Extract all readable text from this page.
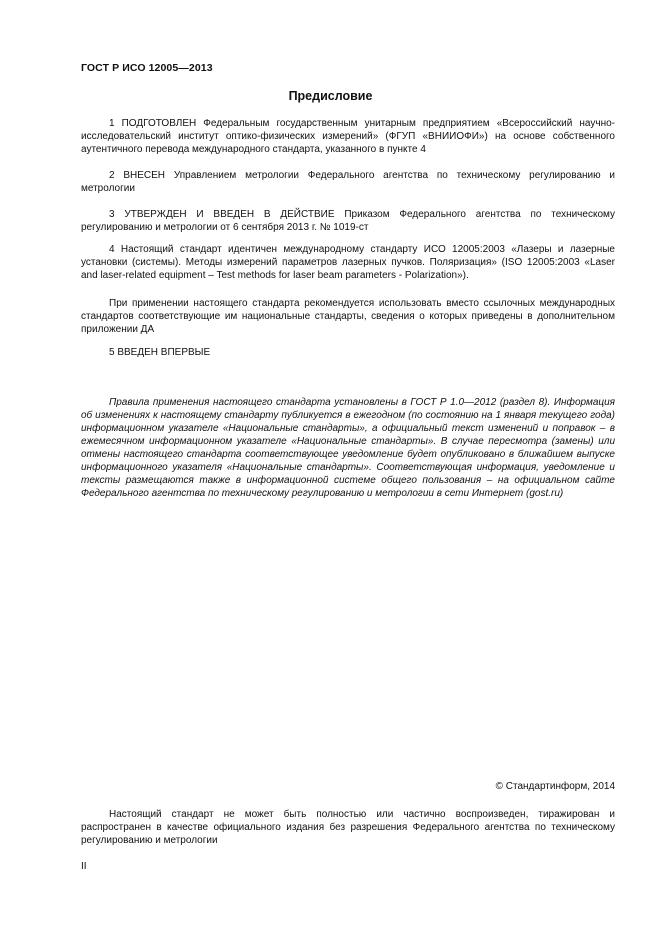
ГОСТ Р ИСО 12005—2013
Предисловие

1 ПОДГОТОВЛЕН Федеральным государственным унитарным предприятием «Всероссийский научно-исследовательский институт оптико-физических измерений» (ФГУП «ВНИИОФИ») на основе собственного аутентичного перевода международного стандарта, указанного в пункте 4

2 ВНЕСЕН Управлением метрологии Федерального агентства по техническому регулированию и метрологии

3 УТВЕРЖДЕН И ВВЕДЕН В ДЕЙСТВИЕ Приказом Федерального агентства по техническому регулированию и метрологии от 6 сентября 2013 г. № 1019-ст

4 Настоящий стандарт идентичен международному стандарту ИСО 12005:2003 «Лазеры и лазерные установки (системы). Методы измерений параметров лазерных пучков. Поляризация» (ISO 12005:2003 «Laser and laser-related equipment – Test methods for laser beam parameters - Polarization»).

При применении настоящего стандарта рекомендуется использовать вместо ссылочных международных стандартов соответствующие им национальные стандарты, сведения о которых приведены в дополнительном приложении ДА

5 ВВЕДЕН ВПЕРВЫЕ

Правила применения настоящего стандарта установлены в ГОСТ Р 1.0—2012 (раздел 8). Информация об изменениях к настоящему стандарту публикуется в ежегодном (по состоянию на 1 января текущего года) информационном указателе «Национальные стандарты», а официальный текст изменений и поправок – в ежемесячном информационном указателе «Национальные стандарты». В случае пересмотра (замены) или отмены настоящего стандарта соответствующее уведомление будет опубликовано в ближайшем выпуске информационного указателя «Национальные стандарты». Соответствующая информация, уведомление и тексты размещаются также в информационной системе общего пользования – на официальном сайте Федерального агентства по техническому регулированию и метрологии в сети Интернет (gost.ru)

© Стандартинформ, 2014

Настоящий стандарт не может быть полностью или частично воспроизведен, тиражирован и распространен в качестве официального издания без разрешения Федерального агентства по техническому регулированию и метрологии

II
